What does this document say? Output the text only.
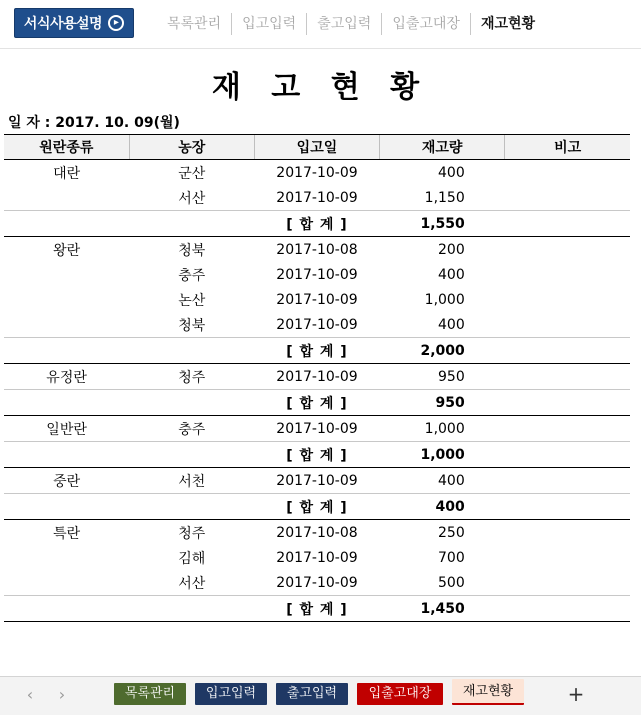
서식사용설명	▸	목록관리	입고입력	출고입력	입출고대장	재고현황
재 고 현 황
일 자 : 2017. 10. 09(월)
원란종류	농장	입고일	재고량	비고
대란	군산	2017-10-09	400	
	서산	2017-10-09	1,150	
		[ 합 계 ]	1,550	
왕란	청북	2017-10-08	200	
	충주	2017-10-09	400	
	논산	2017-10-09	1,000	
	청북	2017-10-09	400	
		[ 합 계 ]	2,000	
유정란	청주	2017-10-09	950	
		[ 합 계 ]	950	
일반란	충주	2017-10-09	1,000	
		[ 합 계 ]	1,000	
중란	서천	2017-10-09	400	
		[ 합 계 ]	400	
특란	청주	2017-10-08	250	
	김해	2017-10-09	700	
	서산	2017-10-09	500	
		[ 합 계 ]	1,450	
‹	›	목록관리	입고입력	출고입력	입출고대장	재고현황	+
